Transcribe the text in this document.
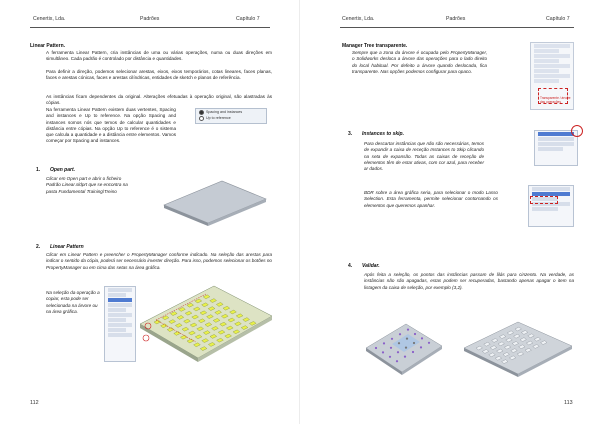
Cenertix, Lda.	Padrões	Capítulo 7
Linear Pattern.
A ferramenta Linear Pattern, cria instâncias de uma ou várias operações, numa ou duas direções em simultâneo. Cada padrão é controlado por distância e quantidades.
Para definir a direção, podemos selecionar arestas, eixos, eixos temporários, cotas lineares, faces planas, faces e arestas cónicas, faces e arestas cilíndricas, entidades de sketch e planos de referência.
As instâncias ficam dependentes da original. Alterações efetuadas à operação original, são alastradas às cópias.
Na ferramenta Linear Pattern existem duas vertentes, Spacing and instances e Up to reference. Na opção Spacing and instances somos nós que temos de calcular quantidades e distância entre cópias. Na opção Up to reference é o sistema que calcula a quantidade e a distância entre elementos. Vamos começar por Spacing and instances.
Spacing and instances
Up to reference
1. Open part.
Clicar em Open part e abrir o ficheiro Padrão Linear.sldprt que se encontra na pasta Fundamental Training\Treino
2. Linear Pattern
Clicar em Linear Pattern e preencher o PropertyManager conforme indicado. Na seleção das arestas para indicar o sentido da cópia, poderá ser necessário inverter direção. Para isso, podemos selecionar os botões no PropertyManager ou em cima das setas na área gráfica.
Na seleção da operação a copiar, esta pode ser selecionada na árvore ou na área gráfica.
112
Cenertix, Lda.	Padrões	Capítulo 7
Manager Tree transparente.
Sempre que a zona da árvore é ocupada pelo PropertyManager, o Solidworks desloca a árvore das operações para o lado direito do local habitual. Por defeito a árvore quando deslocada, fica transparente. Nas opções podemos configurar para opaco.
Transparente / árvore das operações
3. Instances to skip.
Para descartar instâncias que não são necessárias, temos de expandir a caixa de receção Instances to Skip clicando na seta de expansão. Todas as caixas de receção de elementos têm de estar ativas, com cor azul, para receber ar dados.
BDR sobre a área gráfica seria, para selecionar o modo Lasso Selection. Esta ferramenta, permite selecionar contornando os elementos que queremos apanhar.
4. Validar.
Após feita a seleção, os pontos das instâncias passam de lilás para cinzento. Na verdade, as instâncias não são apagadas, estas podem ser recuperadas, bastando apenas apagar o item na listagem da caixa de seleção, por exemplo (3,2).
113
